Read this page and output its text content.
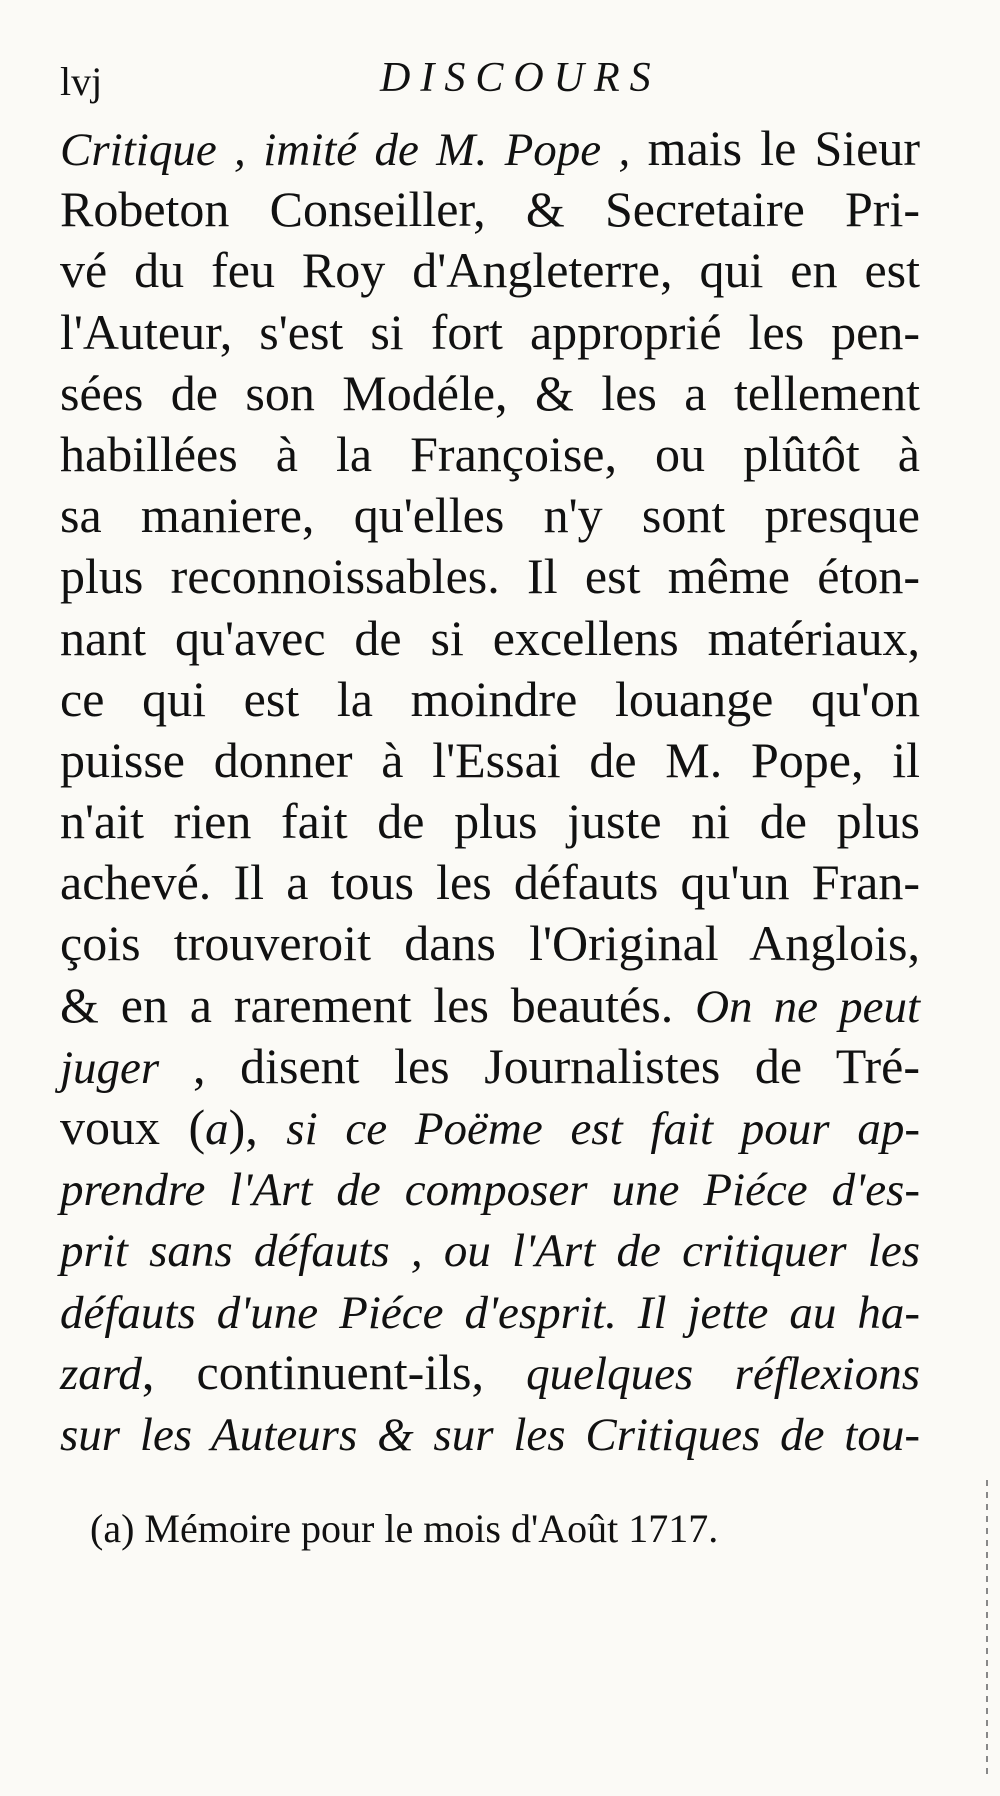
lvj	DISCOURS
Critique , imité de M. Pope , mais le Sieur
Robeton Conseiller, & Secretaire Pri-
vé du feu Roy d'Angleterre, qui en est
l'Auteur, s'est si fort approprié les pen-
sées de son Modéle, & les a tellement
habillées à la Françoise, ou plûtôt à
sa maniere, qu'elles n'y sont presque
plus reconnoissables. Il est même éton-
nant qu'avec de si excellens matériaux,
ce qui est la moindre louange qu'on
puisse donner à l'Essai de M. Pope, il
n'ait rien fait de plus juste ni de plus
achevé. Il a tous les défauts qu'un Fran-
çois trouveroit dans l'Original Anglois,
& en a rarement les beautés. On ne peut
juger , disent les Journalistes de Tré-
voux (a), si ce Poëme est fait pour ap-
prendre l'Art de composer une Piéce d'es-
prit sans défauts , ou l'Art de critiquer les
défauts d'une Piéce d'esprit. Il jette au ha-
zard, continuent-ils, quelques réflexions
sur les Auteurs & sur les Critiques de tou-
(a) Mémoire pour le mois d'Août 1717.
